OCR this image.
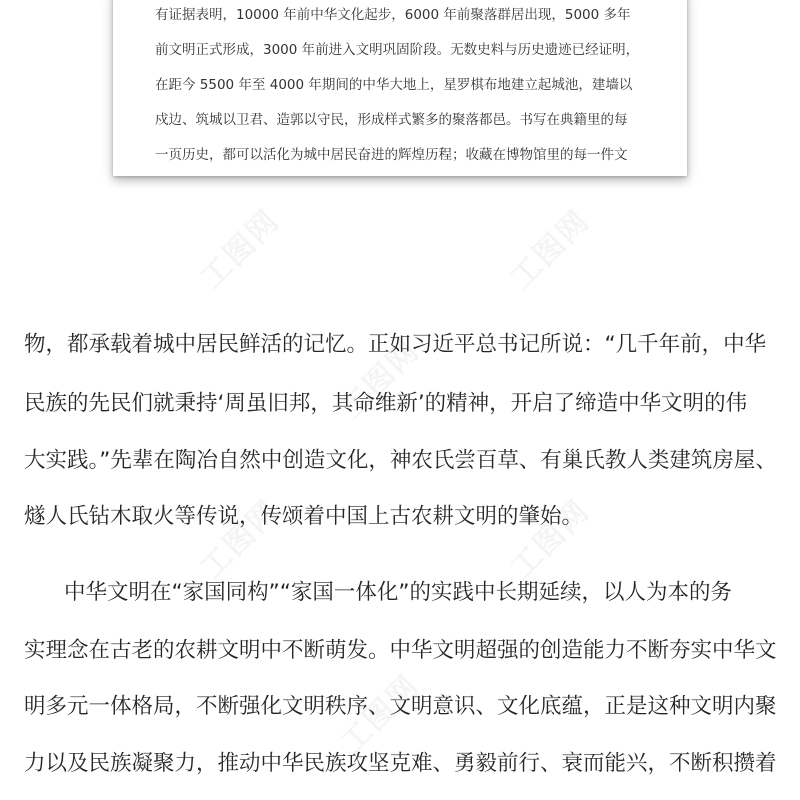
工图网	工图网
工图网
工图网
工图网
工图网
有证据表明，10000 年前中华文化起步，6000 年前聚落群居出现，5000 多年
前文明正式形成，3000 年前进入文明巩固阶段。无数史料与历史遗迹已经证明，
在距今 5500 年至 4000 年期间的中华大地上，星罗棋布地建立起城池，建墙以
戍边、筑城以卫君、造郭以守民，形成样式繁多的聚落都邑。书写在典籍里的每
一页历史，都可以活化为城中居民奋进的辉煌历程；收藏在博物馆里的每一件文
物，都承载着城中居民鲜活的记忆。正如习近平总书记所说：“几千年前，中华
民族的先民们就秉持‘周虽旧邦，其命维新’的精神，开启了缔造中华文明的伟
大实践。”先辈在陶冶自然中创造文化，神农氏尝百草、有巢氏教人类建筑房屋、
燧人氏钻木取火等传说，传颂着中国上古农耕文明的肇始。
中华文明在“家国同构”“家国一体化”的实践中长期延续，以人为本的务
实理念在古老的农耕文明中不断萌发。中华文明超强的创造能力不断夯实中华文
明多元一体格局，不断强化文明秩序、文明意识、文化底蕴，正是这种文明内聚
力以及民族凝聚力，推动中华民族攻坚克难、勇毅前行、衰而能兴，不断积攒着
